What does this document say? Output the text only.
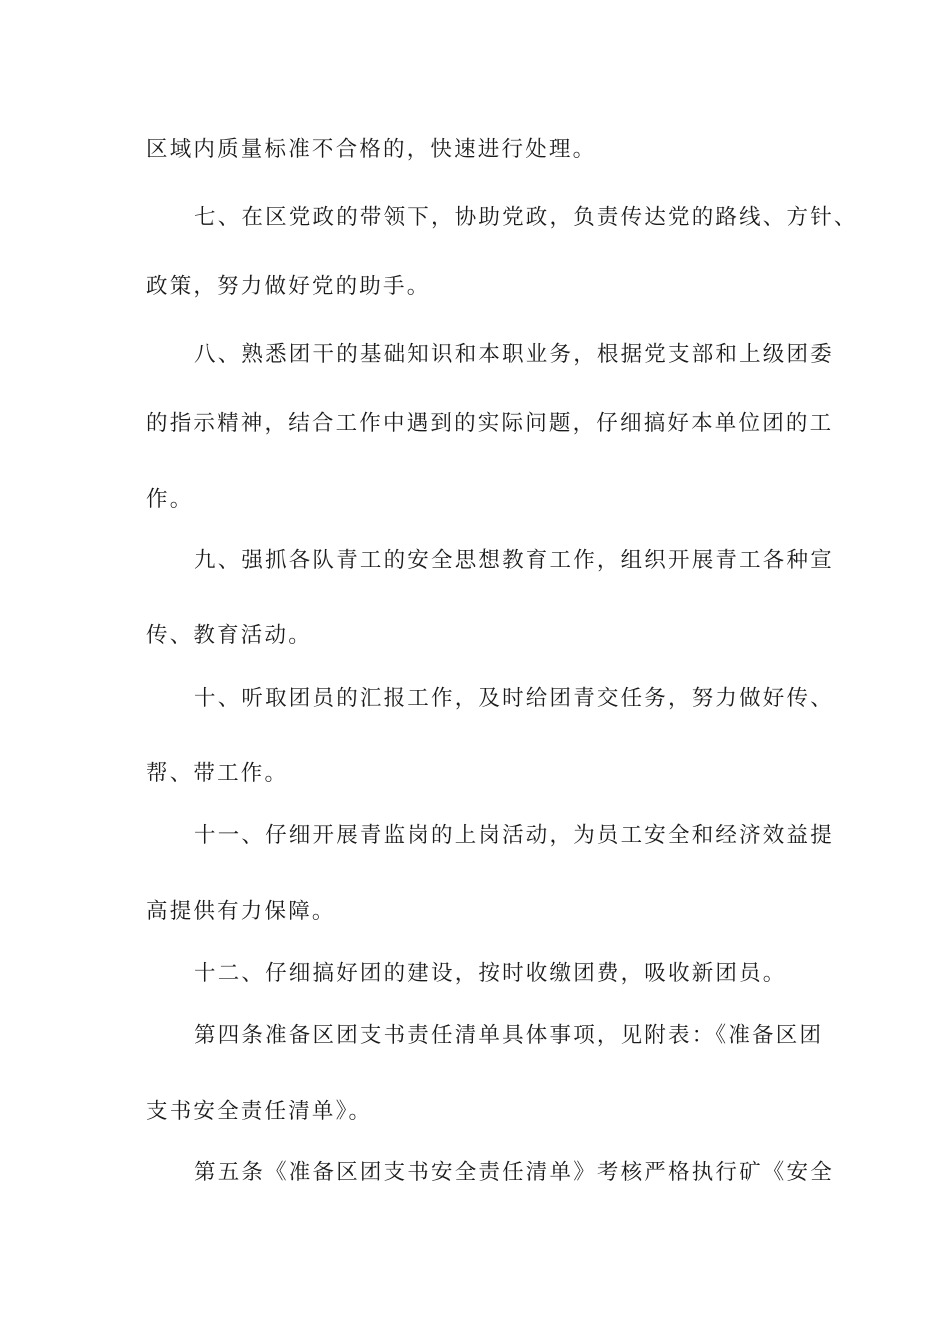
区域内质量标准不合格的，快速进行处理。
七、在区党政的带领下，协助党政，负责传达党的路线、方针、
政策，努力做好党的助手。
八、熟悉团干的基础知识和本职业务，根据党支部和上级团委
的指示精神，结合工作中遇到的实际问题，仔细搞好本单位团的工
作。
九、强抓各队青工的安全思想教育工作，组织开展青工各种宣
传、教育活动。
十、听取团员的汇报工作，及时给团青交任务，努力做好传、
帮、带工作。
十一、仔细开展青监岗的上岗活动，为员工安全和经济效益提
高提供有力保障。
十二、仔细搞好团的建设，按时收缴团费，吸收新团员。
第四条准备区团支书责任清单具体事项，见附表：《准备区团
支书安全责任清单》。
第五条《准备区团支书安全责任清单》考核严格执行矿《安全
